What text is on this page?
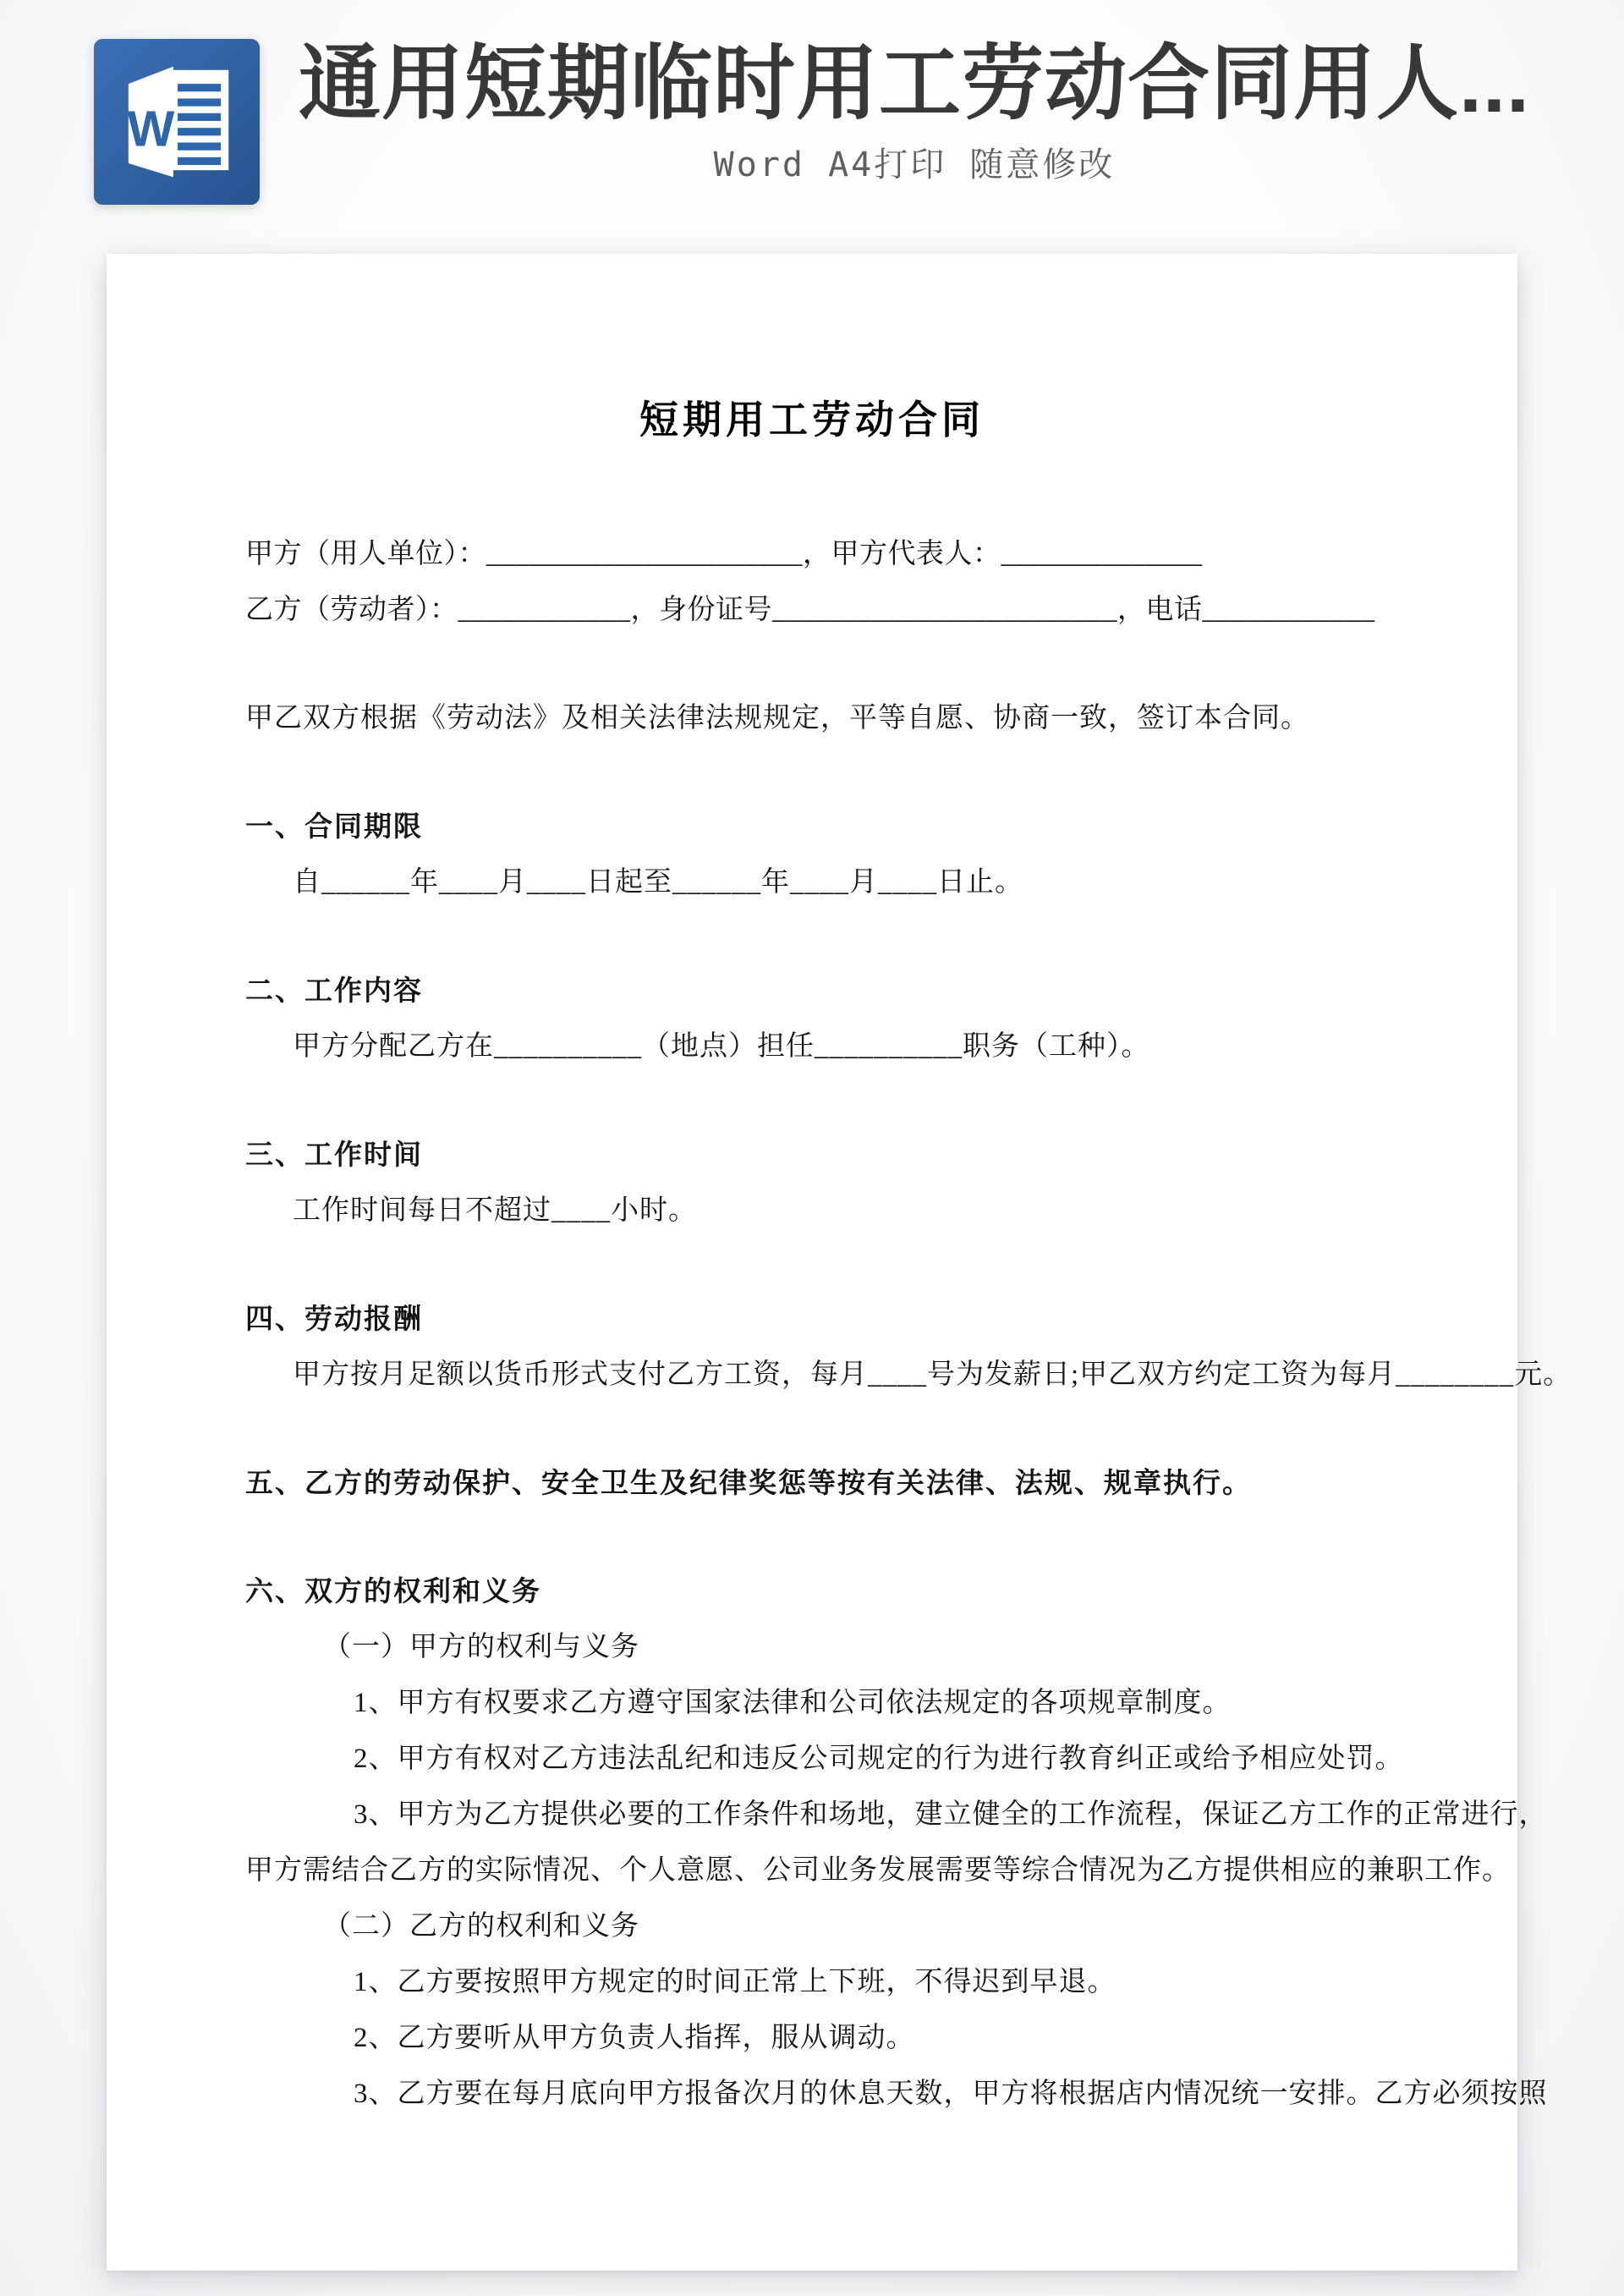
W 通用短期临时用工劳动合同用人...
Word A4打印 随意修改
短期用工劳动合同

甲方（用人单位）：______________________，甲方代表人：______________

乙方（劳动者）：____________，身份证号________________________，电话____________

甲乙双方根据《劳动法》及相关法律法规规定，平等自愿、协商一致，签订本合同。

一、合同期限

自______年____月____日起至______年____月____日止。

二、工作内容

甲方分配乙方在__________（地点）担任__________职务（工种）。

三、工作时间

工作时间每日不超过____小时。

四、劳动报酬

甲方按月足额以货币形式支付乙方工资，每月____号为发薪日;甲乙双方约定工资为每月________元。

五、乙方的劳动保护、安全卫生及纪律奖惩等按有关法律、法规、规章执行。

六、双方的权利和义务

（一）甲方的权利与义务

1、甲方有权要求乙方遵守国家法律和公司依法规定的各项规章制度。

2、甲方有权对乙方违法乱纪和违反公司规定的行为进行教育纠正或给予相应处罚。

3、甲方为乙方提供必要的工作条件和场地，建立健全的工作流程，保证乙方工作的正常进行，

甲方需结合乙方的实际情况、个人意愿、公司业务发展需要等综合情况为乙方提供相应的兼职工作。

（二）乙方的权利和义务

1、乙方要按照甲方规定的时间正常上下班，不得迟到早退。

2、乙方要听从甲方负责人指挥，服从调动。

3、乙方要在每月底向甲方报备次月的休息天数，甲方将根据店内情况统一安排。乙方必须按照
